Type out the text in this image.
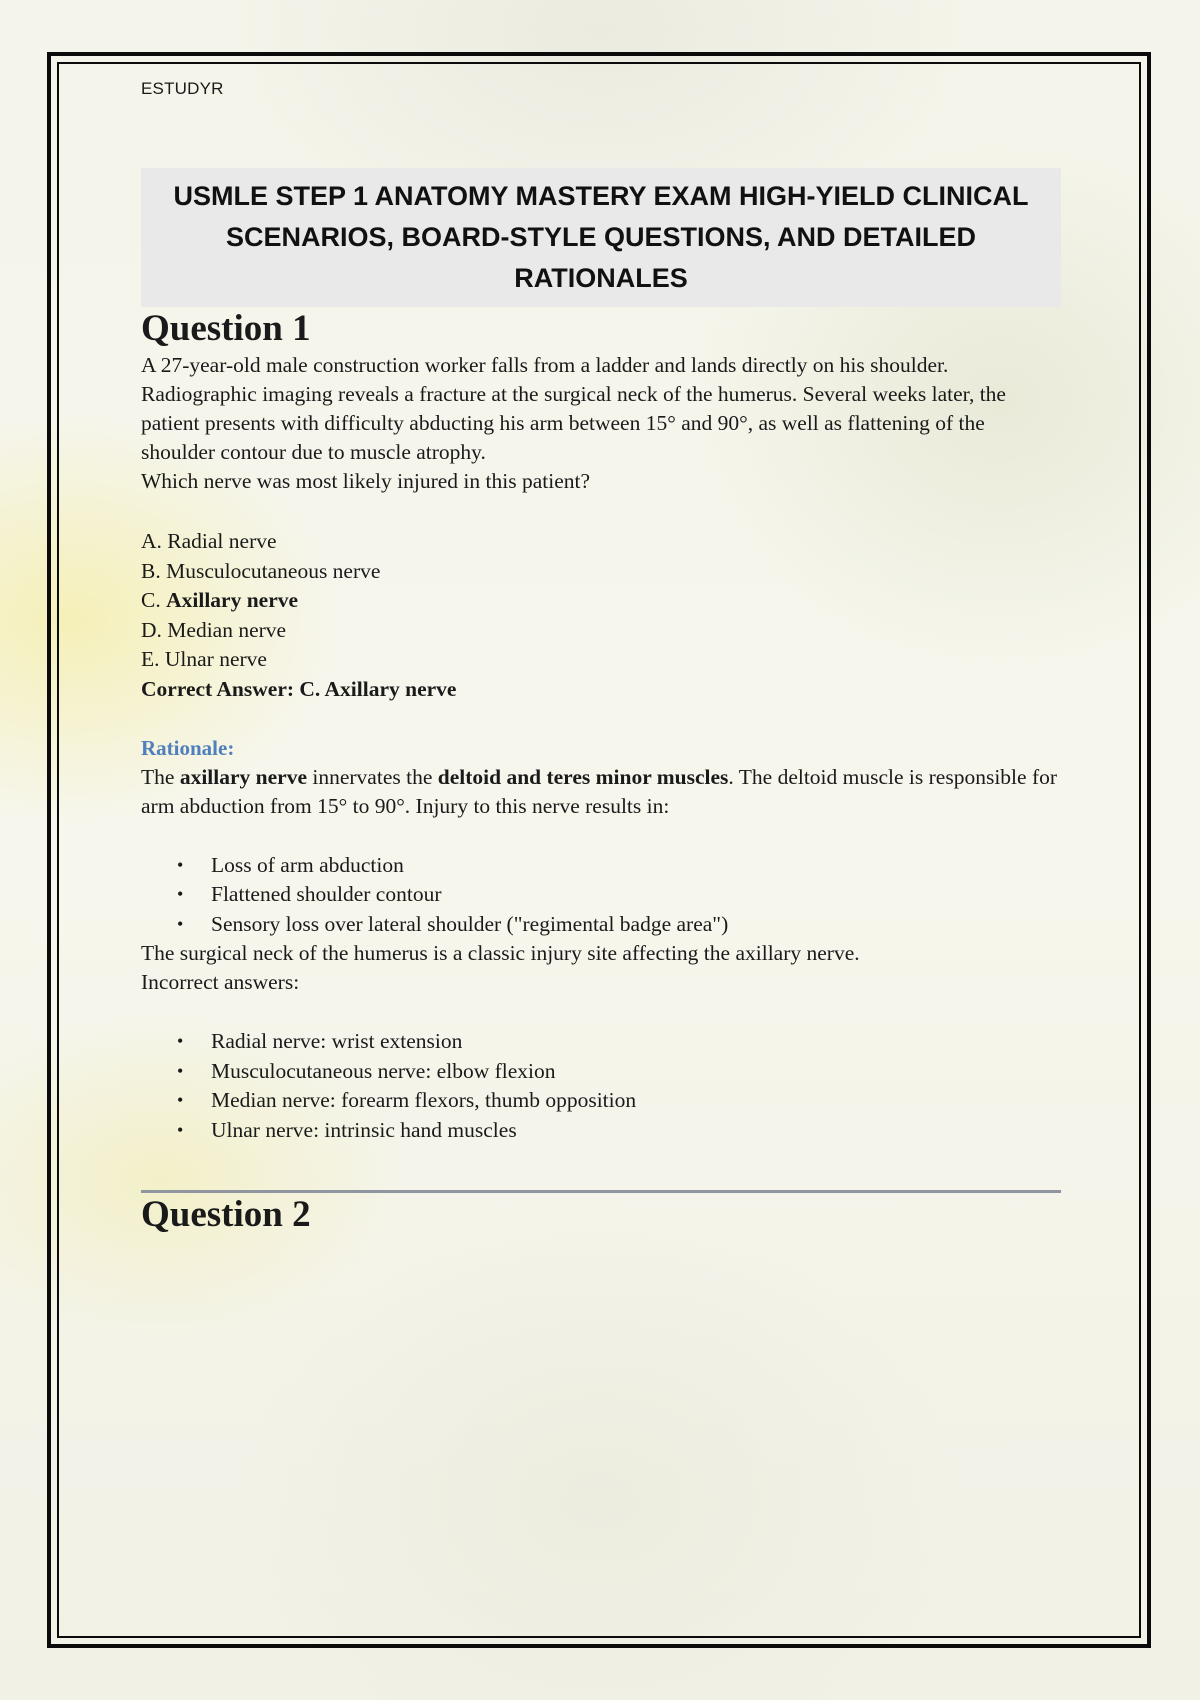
ESTUDYR
USMLE STEP 1 ANATOMY MASTERY EXAM HIGH-YIELD CLINICAL
SCENARIOS, BOARD-STYLE QUESTIONS, AND DETAILED RATIONALES
Question 1

A 27-year-old male construction worker falls from a ladder and lands directly on his shoulder. Radiographic imaging reveals a fracture at the surgical neck of the humerus. Several weeks later, the patient presents with difficulty abducting his arm between 15° and 90°, as well as flattening of the shoulder contour due to muscle atrophy.

Which nerve was most likely injured in this patient?

A. Radial nerve
B. Musculocutaneous nerve
C. Axillary nerve
D. Median nerve
E. Ulnar nerve

Correct Answer: C. Axillary nerve

Rationale:

The axillary nerve innervates the deltoid and teres minor muscles. The deltoid muscle is responsible for arm abduction from 15° to 90°. Injury to this nerve results in:

• Loss of arm abduction
• Flattened shoulder contour
• Sensory loss over lateral shoulder ("regimental badge area")

The surgical neck of the humerus is a classic injury site affecting the axillary nerve.

Incorrect answers:

• Radial nerve: wrist extension
• Musculocutaneous nerve: elbow flexion
• Median nerve: forearm flexors, thumb opposition
• Ulnar nerve: intrinsic hand muscles
Question 2
